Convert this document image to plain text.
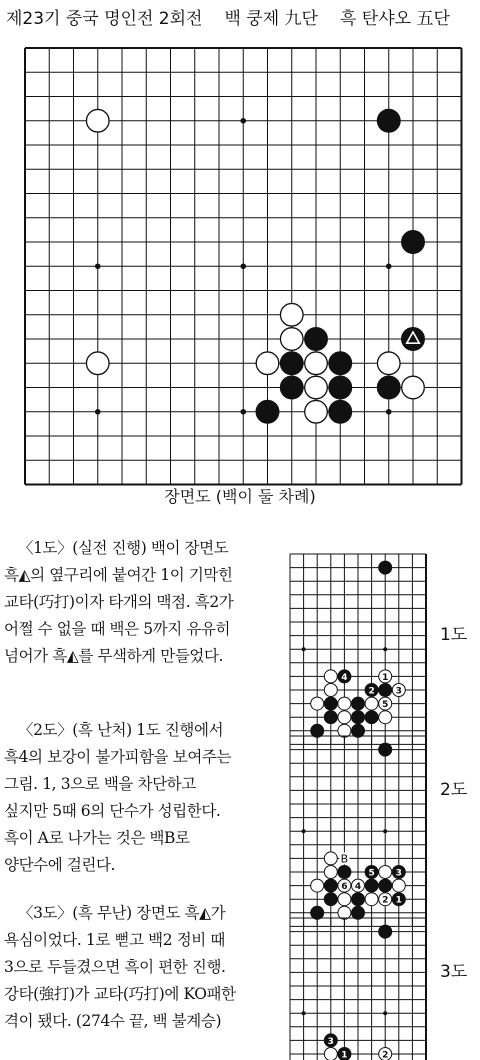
제23기 중국 명인전 2회전 백 쿵제 九단 흑 탄샤오 五단
장면도 (백이 둘 차례)
〈1도〉(실전 진행) 백이 장면도 흑◭의 옆구리에 붙여간 1이 기막힌 교타(巧打)이자 타개의 맥점. 흑2가 어쩔 수 없을 때 백은 5까지 유유히 넘어가 흑◭를 무색하게 만들었다.
4	1
2 3
5
1도
〈2도〉(흑 난처) 1도 진행에서 흑4의 보강이 불가피함을 보여주는 그림. 1, 3으로 백을 차단하고 싶지만 5때 6의 단수가 성립한다. 흑이 A로 나가는 것은 백B로 양단수에 걸린다.	B
5 3
6 4
2 1
2도
〈3도〉(흑 무난) 장면도 흑◭가 욕심이었다. 1로 뻗고 백2 정비 때 3으로 두들겼으면 흑이 편한 진행. 강타(強打)가 교타(巧打)에 KO패한 격이 됐다. (274수 끝, 백 불계승)
3
1	2
3도
